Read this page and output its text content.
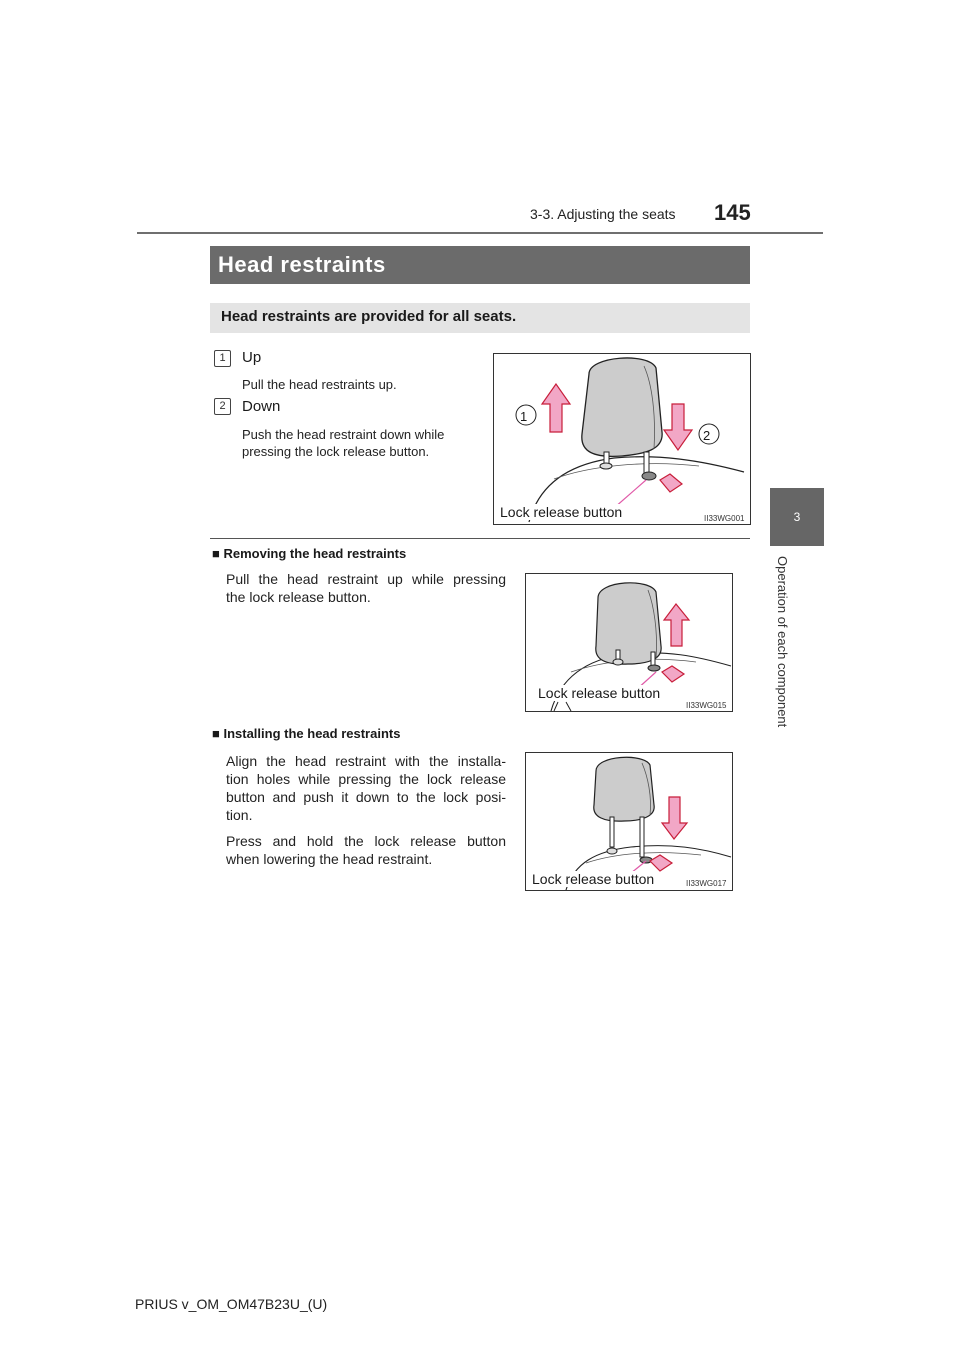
3-3. Adjusting the seats 145
3
Operation of each component
Head restraints
Head restraints are provided for all seats.
1	Up
Pull the head restraints up.
2	Down
Push the head restraint down while
pressing the lock release button.
1
2
Lock release button	II33WG001
■ Removing the head restraints
Pull the head restraint up while pressing
the lock release button.
Lock release button
II33WG015
■ Installing the head restraints
Align the head restraint with the installa-
tion holes while pressing the lock release
button and push it down to the lock posi-
tion.
Press and hold the lock release button
when lowering the head restraint.
Lock release button	II33WG017
PRIUS v_OM_OM47B23U_(U)
